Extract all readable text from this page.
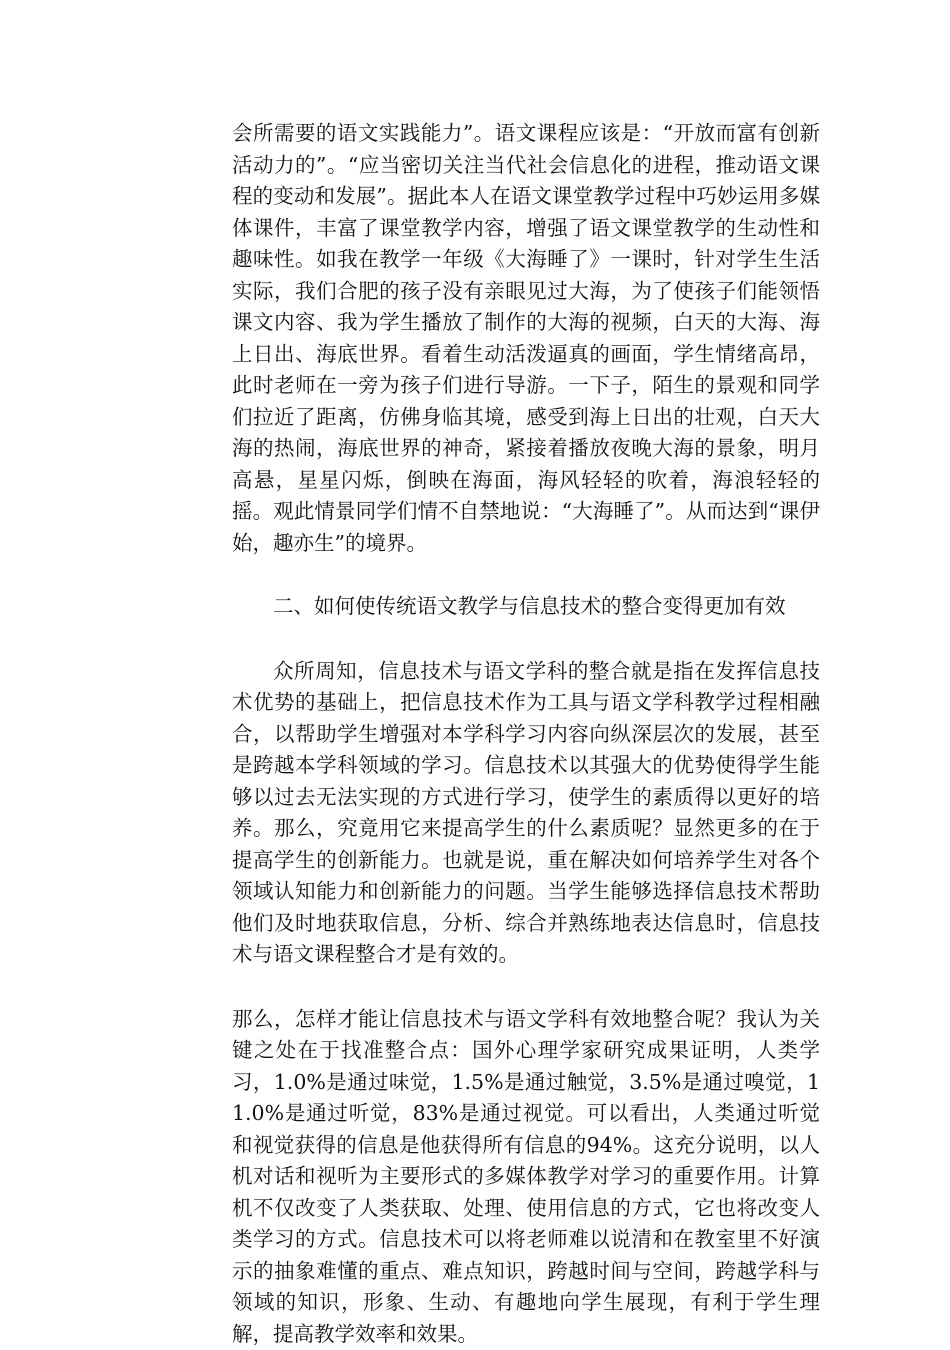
会所需要的语文实践能力”。语文课程应该是：“开放而富有创新活动力的”。“应当密切关注当代社会信息化的进程，推动语文课程的变动和发展”。据此本人在语文课堂教学过程中巧妙运用多媒体课件，丰富了课堂教学内容，增强了语文课堂教学的生动性和趣味性。如我在教学一年级《大海睡了》一课时，针对学生生活实际，我们合肥的孩子没有亲眼见过大海，为了使孩子们能领悟课文内容、我为学生播放了制作的大海的视频，白天的大海、海上日出、海底世界。看着生动活泼逼真的画面，学生情绪高昂，此时老师在一旁为孩子们进行导游。一下子，陌生的景观和同学们拉近了距离，仿佛身临其境，感受到海上日出的壮观，白天大海的热闹，海底世界的神奇，紧接着播放夜晚大海的景象，明月高悬，星星闪烁，倒映在海面，海风轻轻的吹着，海浪轻轻的摇。观此情景同学们情不自禁地说：“大海睡了”。从而达到“课伊始，趣亦生”的境界。

二、如何使传统语文教学与信息技术的整合变得更加有效

众所周知，信息技术与语文学科的整合就是指在发挥信息技术优势的基础上，把信息技术作为工具与语文学科教学过程相融合，以帮助学生增强对本学科学习内容向纵深层次的发展，甚至是跨越本学科领域的学习。信息技术以其强大的优势使得学生能够以过去无法实现的方式进行学习，使学生的素质得以更好的培养。那么，究竟用它来提高学生的什么素质呢？显然更多的在于提高学生的创新能力。也就是说，重在解决如何培养学生对各个领域认知能力和创新能力的问题。当学生能够选择信息技术帮助他们及时地获取信息，分析、综合并熟练地表达信息时，信息技术与语文课程整合才是有效的。

那么，怎样才能让信息技术与语文学科有效地整合呢？我认为关键之处在于找准整合点：国外心理学家研究成果证明，人类学习，1.0%是通过味觉，1.5%是通过触觉，3.5%是通过嗅觉，11.0%是通过听觉，83%是通过视觉。可以看出，人类通过听觉和视觉获得的信息是他获得所有信息的94%。这充分说明，以人机对话和视听为主要形式的多媒体教学对学习的重要作用。计算机不仅改变了人类获取、处理、使用信息的方式，它也将改变人类学习的方式。信息技术可以将老师难以说清和在教室里不好演示的抽象难懂的重点、难点知识，跨越时间与空间，跨越学科与领域的知识，形象、生动、有趣地向学生展现，有利于学生理解，提高教学效率和效果。
